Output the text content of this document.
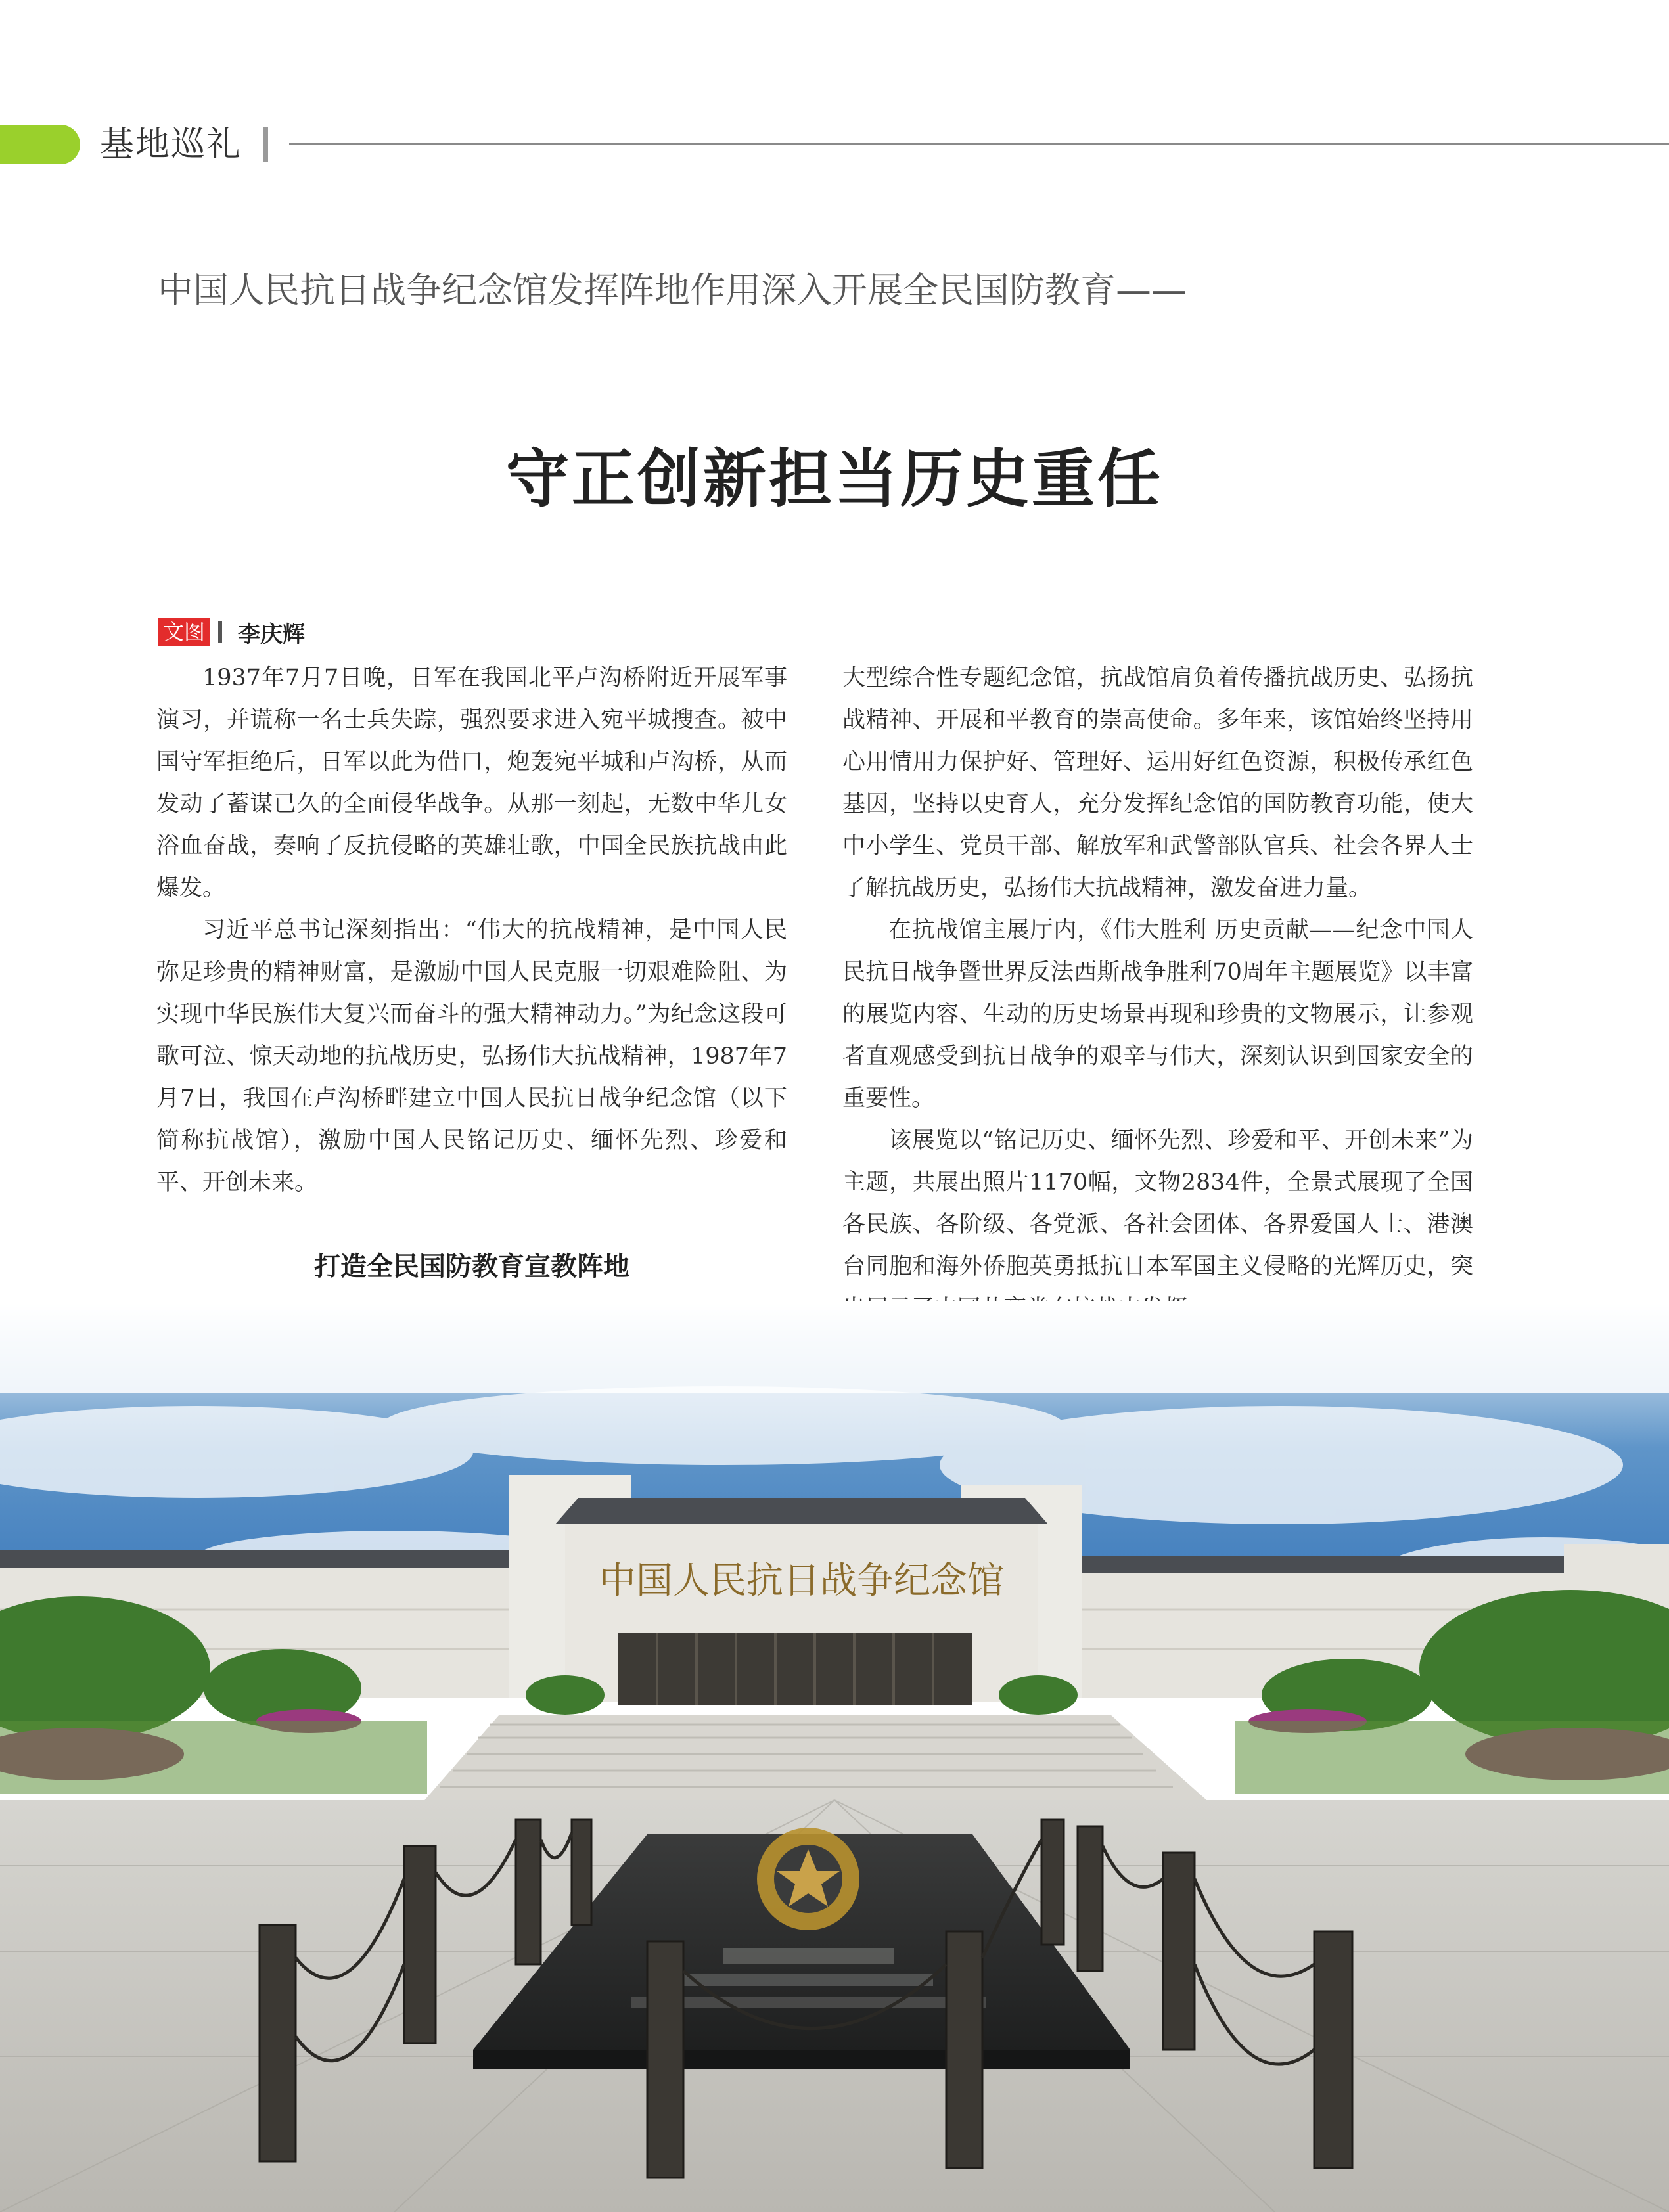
基地巡礼
中国人民抗日战争纪念馆发挥阵地作用深入开展全民国防教育——
守正创新担当历史重任
文图 李庆辉

1937年7月7日晚，日军在我国北平卢沟桥附近开展军事演习，并谎称一名士兵失踪，强烈要求进入宛平城搜查。被中国守军拒绝后，日军以此为借口，炮轰宛平城和卢沟桥，从而发动了蓄谋已久的全面侵华战争。从那一刻起，无数中华儿女浴血奋战，奏响了反抗侵略的英雄壮歌，中国全民族抗战由此爆发。

习近平总书记深刻指出：“伟大的抗战精神，是中国人民弥足珍贵的精神财富，是激励中国人民克服一切艰难险阻、为实现中华民族伟大复兴而奋斗的强大精神动力。”为纪念这段可歌可泣、惊天动地的抗战历史，弘扬伟大抗战精神，1987年7月7日，我国在卢沟桥畔建立中国人民抗日战争纪念馆（以下简称抗战馆），激励中国人民铭记历史、缅怀先烈、珍爱和平、开创未来。

打造全民国防教育宣教阵地

大型综合性专题纪念馆，抗战馆肩负着传播抗战历史、弘扬抗战精神、开展和平教育的崇高使命。多年来，该馆始终坚持用心用情用力保护好、管理好、运用好红色资源，积极传承红色基因，坚持以史育人，充分发挥纪念馆的国防教育功能，使大中小学生、党员干部、解放军和武警部队官兵、社会各界人士了解抗战历史，弘扬伟大抗战精神，激发奋进力量。

在抗战馆主展厅内，《伟大胜利 历史贡献——纪念中国人民抗日战争暨世界反法西斯战争胜利70周年主题展览》以丰富的展览内容、生动的历史场景再现和珍贵的文物展示，让参观者直观感受到抗日战争的艰辛与伟大，深刻认识到国家安全的重要性。

该展览以“铭记历史、缅怀先烈、珍爱和平、开创未来”为主题，共展出照片1170幅，文物2834件，全景式展现了全国各民族、各阶级、各党派、各社会团体、各界爱国人士、港澳台同胞和海外侨胞英勇抵抗日本军国主义侵略的光辉历史，突

中国人民抗日战争纪念馆
